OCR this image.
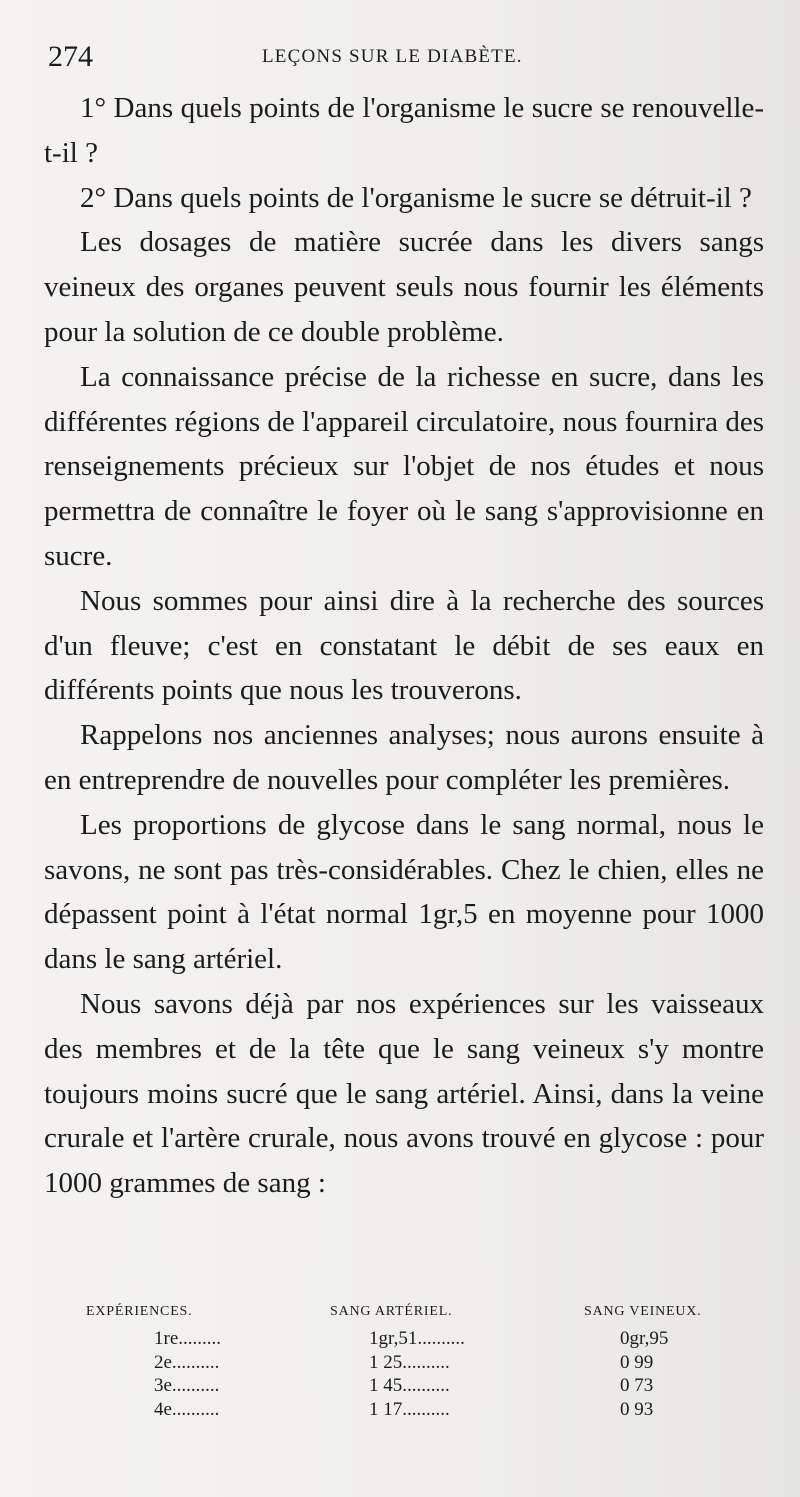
274	LEÇONS SUR LE DIABÈTE.

1° Dans quels points de l'organisme le sucre se renouvelle-t-il ?

2° Dans quels points de l'organisme le sucre se détruit-il ?

Les dosages de matière sucrée dans les divers sangs veineux des organes peuvent seuls nous fournir les éléments pour la solution de ce double problème.

La connaissance précise de la richesse en sucre, dans les différentes régions de l'appareil circulatoire, nous fournira des renseignements précieux sur l'objet de nos études et nous permettra de connaître le foyer où le sang s'approvisionne en sucre.

Nous sommes pour ainsi dire à la recherche des sources d'un fleuve; c'est en constatant le débit de ses eaux en différents points que nous les trouverons.

Rappelons nos anciennes analyses; nous aurons ensuite à en entreprendre de nouvelles pour compléter les premières.

Les proportions de glycose dans le sang normal, nous le savons, ne sont pas très-considérables. Chez le chien, elles ne dépassent point à l'état normal 1gr,5 en moyenne pour 1000 dans le sang artériel.

Nous savons déjà par nos expériences sur les vaisseaux des membres et de la tête que le sang veineux s'y montre toujours moins sucré que le sang artériel. Ainsi, dans la veine crurale et l'artère crurale, nous avons trouvé en glycose : pour 1000 grammes de sang :

EXPÉRIENCES.	SANG ARTÉRIEL.	SANG VEINEUX.
1re.........	1gr,51..........	0gr,95
2e..........	1 25..........	0 99
3e..........	1 45..........	0 73
4e..........	1 17..........	0 93
